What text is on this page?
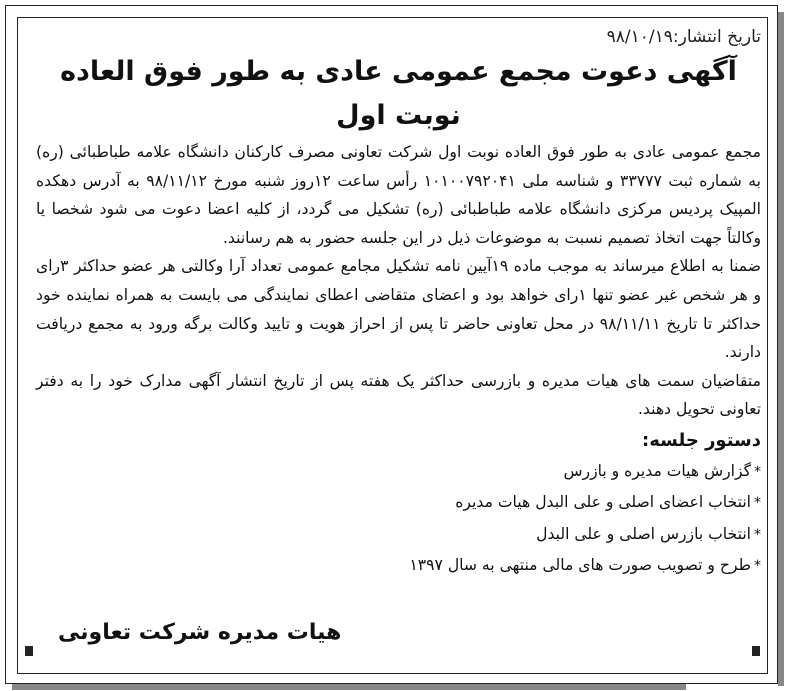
تاریخ انتشار:۹۸/۱۰/۱۹
آگهی دعوت مجمع عمومی عادی به طور فوق العاده نوبت اول

مجمع عمومی عادی به طور فوق العاده نوبت اول شرکت تعاونی مصرف کارکنان دانشگاه علامه طباطبائی (ره) به شماره ثبت ۳۳۷۷۷ و شناسه ملی ۱۰۱۰۰۷۹۲۰۴۱ رأس ساعت ۱۲روز شنبه مورخ ۹۸/۱۱/۱۲ به آدرس دهکده المپیک پردیس مرکزی دانشگاه علامه طباطبائی (ره) تشکیل می گردد، از کلیه اعضا دعوت می شود شخصا یا وکالتاً جهت اتخاذ تصمیم نسبت به موضوعات ذیل در این جلسه حضور به هم رسانند.

ضمنا به اطلاع میرساند به موجب ماده ۱۹آیین نامه تشکیل مجامع عمومی تعداد آرا وکالتی هر عضو حداکثر ۳رای و هر شخص غیر عضو تنها ۱رای خواهد بود و اعضای متقاضی اعطای نمایندگی می بایست به همراه نماینده خود حداکثر تا تاریخ ۹۸/۱۱/۱۱ در محل تعاونی حاضر تا پس از احراز هویت و تایید وکالت برگه ورود به مجمع دریافت دارند.

متقاضیان سمت های هیات مدیره و بازرسی حداکثر یک هفته پس از تاریخ انتشار آگهی مدارک خود را به دفتر تعاونی تحویل دهند.

دستور جلسه:
*گزارش هیات مدیره و بازرس
*انتخاب اعضای اصلی و علی البدل هیات مدیره
*انتخاب بازرس اصلی و علی البدل
*طرح و تصویب صورت های مالی منتهی به سال ۱۳۹۷
هیات مدیره شرکت تعاونی
